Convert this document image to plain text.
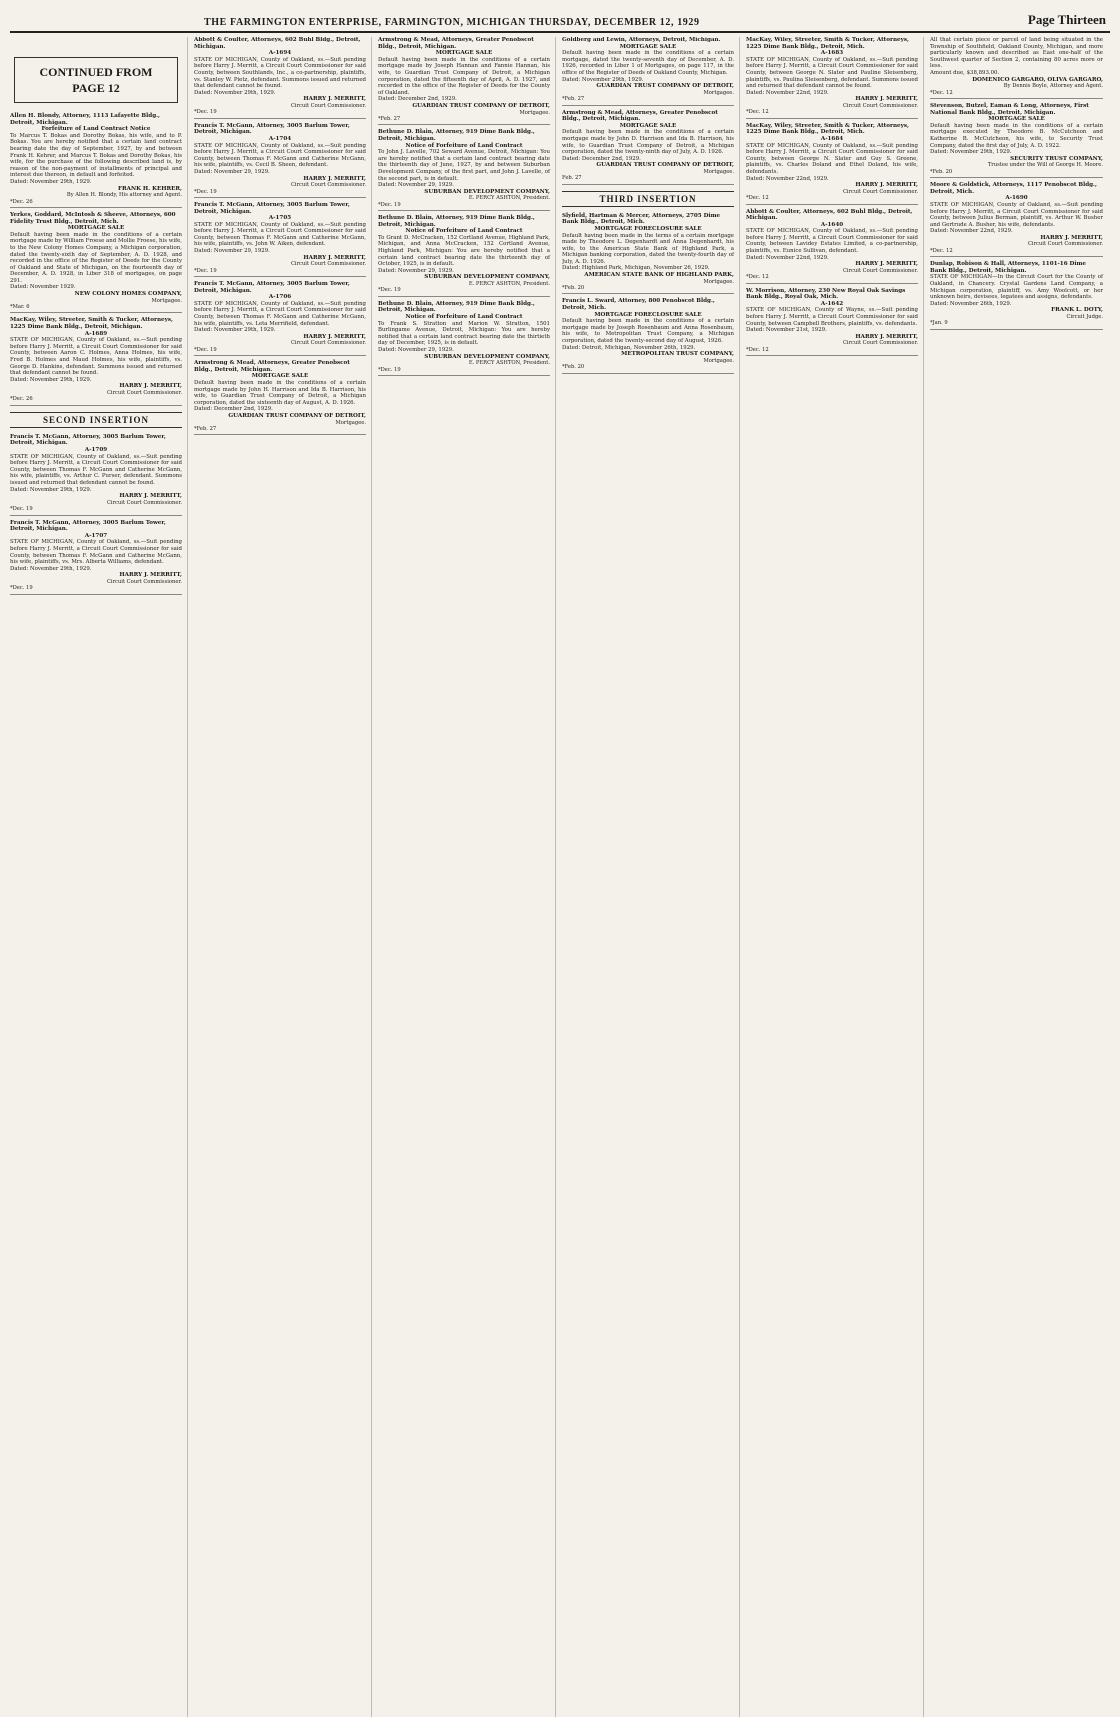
THE FARMINGTON ENTERPRISE, FARMINGTON, MICHIGAN THURSDAY, DECEMBER 12, 1929	Page Thirteen
CONTINUED FROM
PAGE 12
Allen H. Blondy, Attorney, 1113 Lafayette Bldg., Detroit, Michigan.
Forfeiture of Land Contract Notice
To Marcus T. Bokas and Dorothy Bokas, his wife, and to P. Bokas. You are hereby notified that a certain land contract bearing date the day of September, 1927, by and between Frank H. Kehrer, and Marcus T. Bokas and Dorothy Bokas, his wife, for the purchase of the following described land is, by reason of the non-payment of installments of principal and interest due thereon, in default and forfeited.
Dated: November 29th, 1929.
FRANK H. KEHRER,
By Allen H. Blondy, His attorney and Agent.
*Dec. 26
Yerkes, Goddard, McIntosh & Sheeve, Attorneys, 600 Fidelity Trust Bldg., Detroit, Mich.
MORTGAGE SALE
Default having been made in the conditions of a certain mortgage made by William Froese and Mollie Froese, his wife, to the New Colony Homes Company, a Michigan corporation, dated the twenty-sixth day of September, A. D. 1928, and recorded in the office of the Register of Deeds for the County of Oakland and State of Michigan, on the fourteenth day of December, A. D. 1928, in Liber 318 of mortgages, on page 291.
Dated: November 1929.
NEW COLONY HOMES COMPANY,
Mortgagee.
*Mar. 6
MacKay, Wiley, Streeter, Smith & Tucker, Attorneys, 1225 Dime Bank Bldg., Detroit, Michigan.
A-1689
STATE OF MICHIGAN, County of Oakland, ss.—Suit pending before Harry J. Merritt, a Circuit Court Commissioner for said County, between Aaron C. Holmes, Anna Holmes, his wife, Fred B. Holmes and Maud Holmes, his wife, plaintiffs, vs. George D. Hankins, defendant. Summons issued and returned that defendant cannot be found.
Dated: November 29th, 1929.
HARRY J. MERRITT,
Circuit Court Commissioner.
*Dec. 26
SECOND INSERTION
Francis T. McGann, Attorney, 3005 Barlum Tower, Detroit, Michigan.
A-1709
STATE OF MICHIGAN, County of Oakland, ss.—Suit pending before Harry J. Merritt, a Circuit Court Commissioner for said County, between Thomas F. McGann and Catherine McGann, his wife, plaintiffs, vs. Arthur C. Purser, defendant. Summons issued and returned that defendant cannot be found.
Dated: November 29th, 1929.
HARRY J. MERRITT,
Circuit Court Commissioner.
*Dec. 19
Francis T. McGann, Attorney, 3005 Barlum Tower, Detroit, Michigan.
A-1707
STATE OF MICHIGAN, County of Oakland, ss.—Suit pending before Harry J. Merritt, a Circuit Court Commissioner for said County, between Thomas F. McGann and Catherine McGann, his wife, plaintiffs, vs. Mrs. Alberta Williams, defendant.
Dated: November 29th, 1929.
HARRY J. MERRITT,
Circuit Court Commissioner.
*Dec. 19
Abbott & Coulter, Attorneys, 602 Buhl Bldg., Detroit, Michigan.
A-1694
STATE OF MICHIGAN, County of Oakland, ss.—Suit pending before Harry J. Merritt, a Circuit Court Commissioner for said County, between Southlands, Inc., a co-partnership, plaintiffs, vs. Stanley W. Pietz, defendant. Summons issued and returned that defendant cannot be found.
Dated: November 29th, 1929.
HARRY J. MERRITT,
Circuit Court Commissioner.
*Dec. 19
Francis T. McGann, Attorney, 3005 Barlum Tower, Detroit, Michigan.
A-1704
STATE OF MICHIGAN, County of Oakland, ss.—Suit pending before Harry J. Merritt, a Circuit Court Commissioner for said County, between Thomas F. McGann and Catherine McGann, his wife, plaintiffs, vs. Cecil B. Sheen, defendant.
Dated: November 29, 1929.
HARRY J. MERRITT,
Circuit Court Commissioner.
*Dec. 19
Francis T. McGann, Attorney, 3005 Barlum Tower, Detroit, Michigan.
A-1705
STATE OF MICHIGAN, County of Oakland, ss.—Suit pending before Harry J. Merritt, a Circuit Court Commissioner for said County, between Thomas F. McGann and Catherine McGann, his wife, plaintiffs, vs. John W. Aiken, defendant.
Dated: November 29, 1929.
HARRY J. MERRITT,
Circuit Court Commissioner.
*Dec. 19
Francis T. McGann, Attorney, 3005 Barlum Tower, Detroit, Michigan.
A-1706
STATE OF MICHIGAN, County of Oakland, ss.—Suit pending before Harry J. Merritt, a Circuit Court Commissioner for said County, between Thomas F. McGann and Catherine McGann, his wife, plaintiffs, vs. Leta Merrifield, defendant.
Dated: November 29th, 1929.
HARRY J. MERRITT,
Circuit Court Commissioner.
*Dec. 19
Armstrong & Mead, Attorneys, Greater Penobscot Bldg., Detroit, Michigan.
MORTGAGE SALE
Default having been made in the conditions of a certain mortgage made by John H. Harrison and Ida B. Harrison, his wife, to Guardian Trust Company of Detroit, a Michigan corporation, dated the sixteenth day of August, A. D. 1926.
Dated: December 2nd, 1929.
GUARDIAN TRUST COMPANY OF DETROIT,
Mortgagee.
*Feb. 27
Armstrong & Mead, Attorneys, Greater Penobscot Bldg., Detroit, Michigan.
MORTGAGE SALE
Default having been made in the conditions of a certain mortgage made by Joseph Hannan and Fannie Hannan, his wife, to Guardian Trust Company of Detroit, a Michigan corporation, dated the fifteenth day of April, A. D. 1927, and recorded in the office of the Register of Deeds for the County of Oakland.
Dated: December 2nd, 1929.
GUARDIAN TRUST COMPANY OF DETROIT,
Mortgagee.
*Feb. 27
Bethune D. Blain, Attorney, 919 Dime Bank Bldg., Detroit, Michigan.
Notice of Forfeiture of Land Contract
To John J. Lavelle, 702 Seward Avenue, Detroit, Michigan: You are hereby notified that a certain land contract bearing date the thirteenth day of June, 1927, by and between Suburban Development Company, of the first part, and John J. Lavelle, of the second part, is in default.
Dated: November 29, 1929.
SUBURBAN DEVELOPMENT COMPANY,
E. PERCY ASHTON, President.
*Dec. 19
Bethune D. Blain, Attorney, 919 Dime Bank Bldg., Detroit, Michigan.
Notice of Forfeiture of Land Contract
To Grant D. McCracken, 152 Cortland Avenue, Highland Park, Michigan, and Anna McCracken, 152 Cortland Avenue, Highland Park, Michigan: You are hereby notified that a certain land contract bearing date the thirteenth day of October, 1925, is in default.
Dated: November 29, 1929.
SUBURBAN DEVELOPMENT COMPANY,
E. PERCY ASHTON, President.
*Dec. 19
Bethune D. Blain, Attorney, 919 Dime Bank Bldg., Detroit, Michigan.
Notice of Forfeiture of Land Contract
To Frank S. Stratton and Marion W. Stratton, 1501 Burlingame Avenue, Detroit, Michigan: You are hereby notified that a certain land contract bearing date the thirtieth day of December, 1925, is in default.
Dated: November 29, 1929.
SUBURBAN DEVELOPMENT COMPANY,
E. PERCY ASHTON, President.
*Dec. 19
Goldberg and Lewin, Attorneys, Detroit, Michigan.
MORTGAGE SALE
Default having been made in the conditions of a certain mortgage, dated the twenty-seventh day of December, A. D. 1926, recorded in Liber 1 of Mortgages, on page 117, in the office of the Register of Deeds of Oakland County, Michigan.
Dated: November 29th, 1929.
GUARDIAN TRUST COMPANY OF DETROIT,
Mortgagee.
*Feb. 27
Armstrong & Mead, Attorneys, Greater Penobscot Bldg., Detroit, Michigan.
MORTGAGE SALE
Default having been made in the conditions of a certain mortgage made by John D. Harrison and Ida B. Harrison, his wife, to Guardian Trust Company of Detroit, a Michigan corporation, dated the twenty-ninth day of July, A. D. 1926.
Dated: December 2nd, 1929.
GUARDIAN TRUST COMPANY OF DETROIT,
Mortgagee.
Feb. 27
THIRD INSERTION
Slyfield, Hartman & Mercer, Attorneys, 2705 Dime Bank Bldg., Detroit, Mich.
MORTGAGE FORECLOSURE SALE
Default having been made in the terms of a certain mortgage made by Theodore L. Degenhardt and Anna Degenhardt, his wife, to the American State Bank of Highland Park, a Michigan banking corporation, dated the twenty-fourth day of July, A. D. 1926.
Dated: Highland Park, Michigan, November 26, 1929.
AMERICAN STATE BANK OF HIGHLAND PARK,
Mortgagee.
*Feb. 20
Francis L. Sward, Attorney, 800 Penobscot Bldg., Detroit, Mich.
MORTGAGE FORECLOSURE SALE
Default having been made in the conditions of a certain mortgage made by Joseph Rosenbaum and Anna Rosenbaum, his wife, to Metropolitan Trust Company, a Michigan corporation, dated the twenty-second day of August, 1926.
Dated: Detroit, Michigan, November 26th, 1929.
METROPOLITAN TRUST COMPANY,
Mortgagee.
*Feb. 20
MacKay, Wiley, Streeter, Smith & Tucker, Attorneys, 1225 Dime Bank Bldg., Detroit, Mich.
A-1683
STATE OF MICHIGAN, County of Oakland, ss.—Suit pending before Harry J. Merritt, a Circuit Court Commissioner for said County, between George N. Slater and Pauline Sleisenberg, plaintiffs, vs. Paulina Sleisenberg, defendant. Summons issued and returned that defendant cannot be found.
Dated: November 22nd, 1929.
HARRY J. MERRITT,
Circuit Court Commissioner.
*Dec. 12
MacKay, Wiley, Streeter, Smith & Tucker, Attorneys, 1225 Dime Bank Bldg., Detroit, Mich.
A-1684
STATE OF MICHIGAN, County of Oakland, ss.—Suit pending before Harry J. Merritt, a Circuit Court Commissioner for said County, between George N. Slater and Guy S. Greene, plaintiffs, vs. Charles Doland and Ethel Doland, his wife, defendants.
Dated: November 22nd, 1929.
HARRY J. MERRITT,
Circuit Court Commissioner.
*Dec. 12
Abbott & Coulter, Attorneys, 602 Buhl Bldg., Detroit, Michigan.
A-1640
STATE OF MICHIGAN, County of Oakland, ss.—Suit pending before Harry J. Merritt, a Circuit Court Commissioner for said County, between Lavidey Estates Limited, a co-partnership, plaintiffs, vs. Eunice Sullivan, defendant.
Dated: November 22nd, 1929.
HARRY J. MERRITT,
Circuit Court Commissioner.
*Dec. 12
W. Morrison, Attorney, 230 New Royal Oak Savings Bank Bldg., Royal Oak, Mich.
A-1642
STATE OF MICHIGAN, County of Wayne, ss.—Suit pending before Harry J. Merritt, a Circuit Court Commissioner for said County, between Campbell Brothers, plaintiffs, vs. defendants.
Dated: November 21st, 1929.
HARRY J. MERRITT,
Circuit Court Commissioner.
*Dec. 12
All that certain piece or parcel of land being situated in the Township of Southfield, Oakland County, Michigan, and more particularly known and described as East one-half of the Southwest quarter of Section 2, containing 80 acres more or less.
Amount due, $38,893.00.
DOMENICO GARGARO, OLIVA GARGARO,
By Dennis Boyle, Attorney and Agent.
*Dec. 12
Stevenson, Butzel, Eaman & Long, Attorneys, First National Bank Bldg., Detroit, Michigan.
MORTGAGE SALE
Default having been made in the conditions of a certain mortgage executed by Theodore B. McCutcheon and Katherine B. McCutcheon, his wife, to Security Trust Company, dated the first day of July, A. D. 1922.
Dated: November 29th, 1929.
SECURITY TRUST COMPANY,
Trustee under the Will of George H. Moore.
*Feb. 20
Moore & Goldstick, Attorneys, 1117 Penobscot Bldg., Detroit, Mich.
A-1690
STATE OF MICHIGAN, County of Oakland, ss.—Suit pending before Harry J. Merritt, a Circuit Court Commissioner for said County, between Julius Berman, plaintiff, vs. Arthur W. Busher and Gertrude A. Busher, his wife, defendants.
Dated: November 22nd, 1929.
HARRY J. MERRITT,
Circuit Court Commissioner.
*Dec. 12
Dunlap, Robison & Hall, Attorneys, 1101-16 Dime Bank Bldg., Detroit, Michigan.
STATE OF MICHIGAN—In the Circuit Court for the County of Oakland, in Chancery. Crystal Gardens Land Company, a Michigan corporation, plaintiff, vs. Amy Woolcott, or her unknown heirs, devisees, legatees and assigns, defendants.
Dated: November 26th, 1929.
FRANK L. DOTY,
Circuit Judge.
*Jan. 9
